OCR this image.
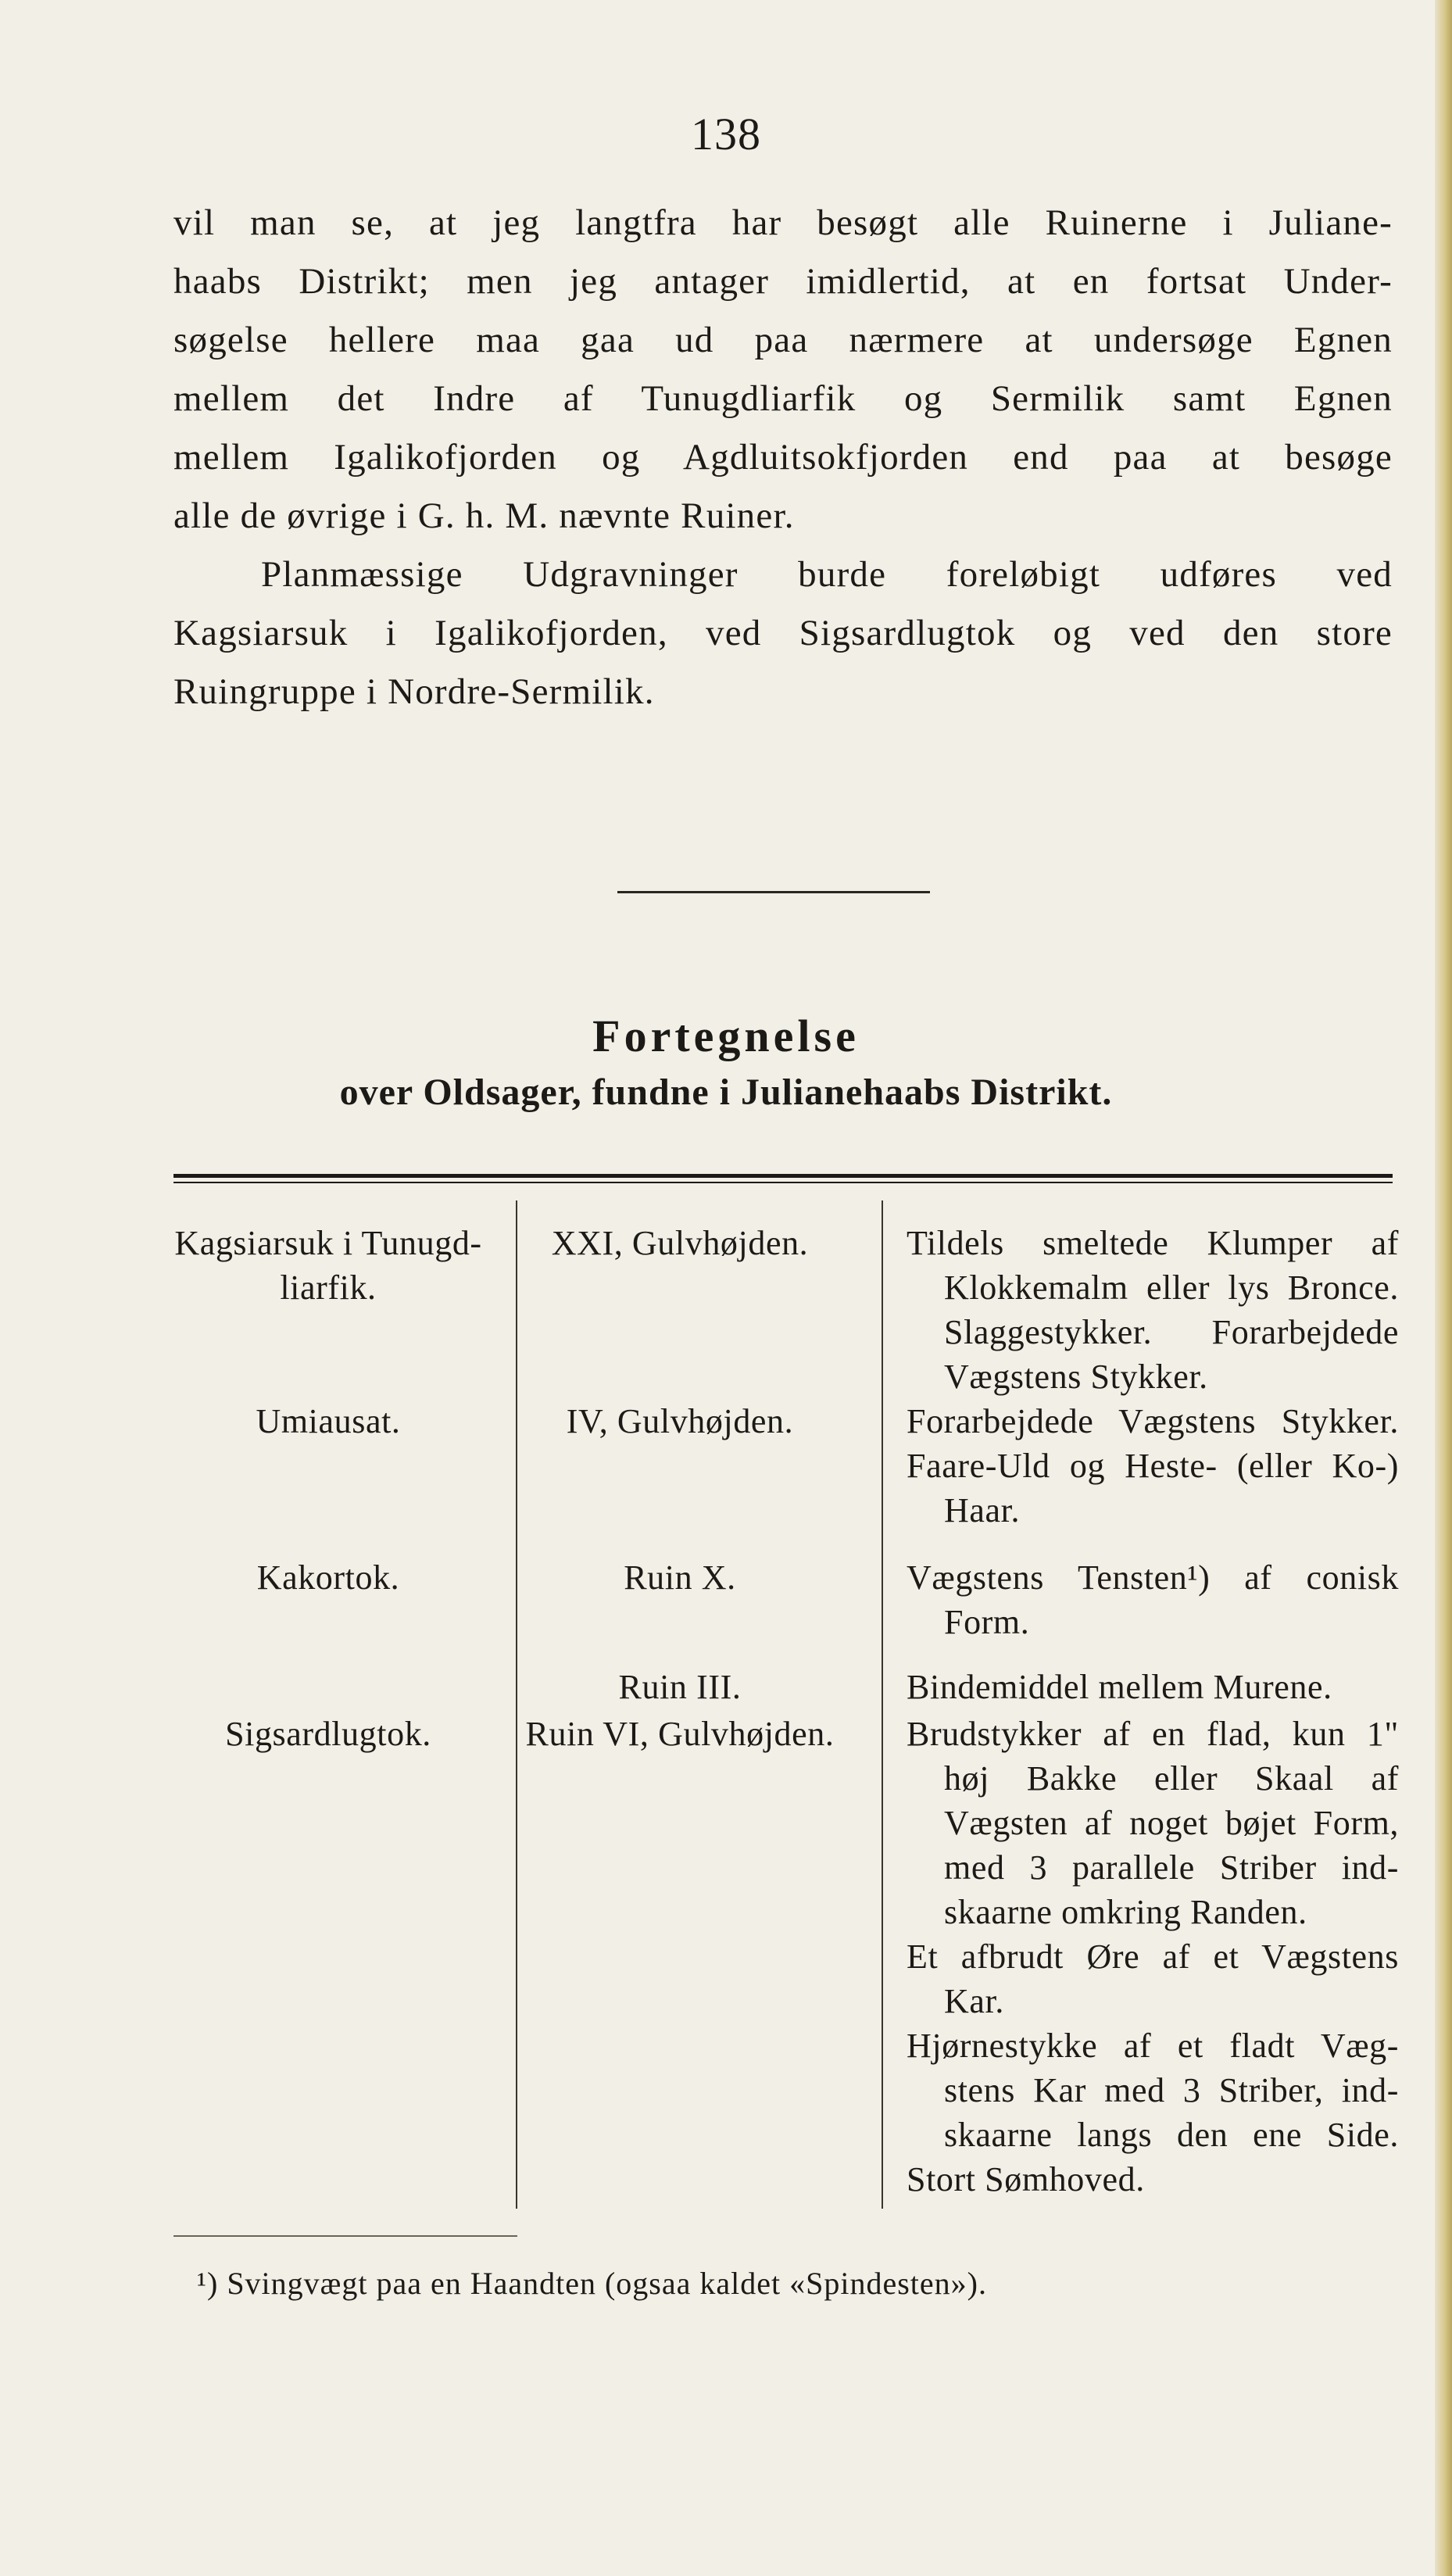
138
vil man se, at jeg langtfra har besøgt alle Ruinerne i Juliane-
haabs Distrikt; men jeg antager imidlertid, at en fortsat Under-
søgelse hellere maa gaa ud paa nærmere at undersøge Egnen
mellem det Indre af Tunugdliarfik og Sermilik samt Egnen
mellem Igalikofjorden og Agdluitsokfjorden end paa at besøge
alle de øvrige i G. h. M. nævnte Ruiner.
Planmæssige Udgravninger burde foreløbigt udføres ved
Kagsiarsuk i Igalikofjorden, ved Sigsardlugtok og ved den store
Ruingruppe i Nordre-Sermilik.
Fortegnelse
over Oldsager, fundne i Julianehaabs Distrikt.
Kagsiarsuk i Tunugd-
liarfik.
Umiausat.
Kakortok.
Sigsardlugtok.
XXI, Gulvhøjden.
IV, Gulvhøjden.
Ruin X.
Ruin III.
Ruin VI, Gulvhøjden.
Tildels smeltede Klumper af
Klokkemalm eller lys Bronce.
Slaggestykker. Forarbejdede
Vægstens Stykker.
Forarbejdede Vægstens Stykker.
Faare-Uld og Heste- (eller Ko-)
Haar.
Vægstens Tensten¹) af conisk
Form.
Bindemiddel mellem Murene.
Brudstykker af en flad, kun 1"
høj Bakke eller Skaal af
Vægsten af noget bøjet Form,
med 3 parallele Striber ind-
skaarne omkring Randen.
Et afbrudt Øre af et Vægstens
Kar.
Hjørnestykke af et fladt Væg-
stens Kar med 3 Striber, ind-
skaarne langs den ene Side.
Stort Sømhoved.
¹) Svingvægt paa en Haandten (ogsaa kaldet «Spindesten»).
